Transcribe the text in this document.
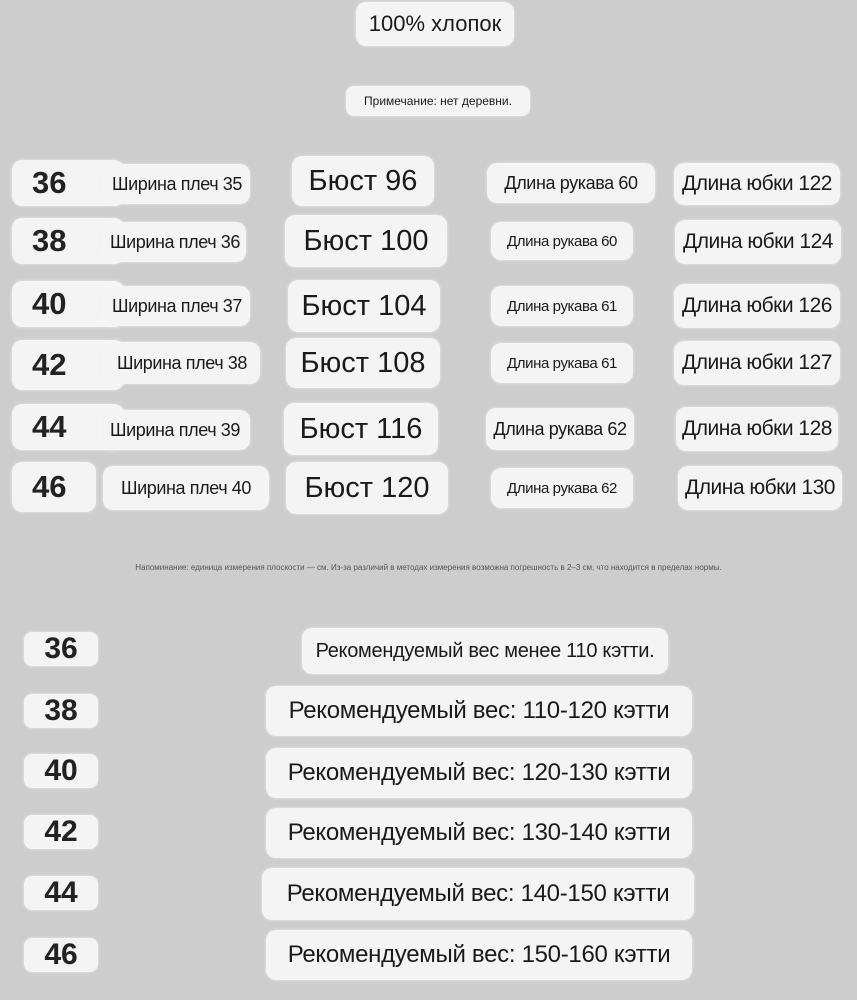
100% хлопок
Примечание: нет деревни.
36	Ширина плеч 35	Бюст 96	Длина рукава 60	Длина юбки 122
38	Ширина плеч 36	Бюст 100	Длина рукава 60	Длина юбки 124
40	Ширина плеч 37	Бюст 104	Длина рукава 61	Длина юбки 126
42	Ширина плеч 38	Бюст 108	Длина рукава 61	Длина юбки 127
44	Ширина плеч 39	Бюст 116	Длина рукава 62	Длина юбки 128
46	Ширина плеч 40	Бюст 120	Длина рукава 62	Длина юбки 130
Напоминание: единица измерения плоскости — см. Из-за различий в методах измерения возможна погрешность в 2–3 см, что находится в пределах нормы.
36	Рекомендуемый вес менее 110 кэтти.
38	Рекомендуемый вес: 110-120 кэтти
40	Рекомендуемый вес: 120-130 кэтти
42	Рекомендуемый вес: 130-140 кэтти
44	Рекомендуемый вес: 140-150 кэтти
46	Рекомендуемый вес: 150-160 кэтти
